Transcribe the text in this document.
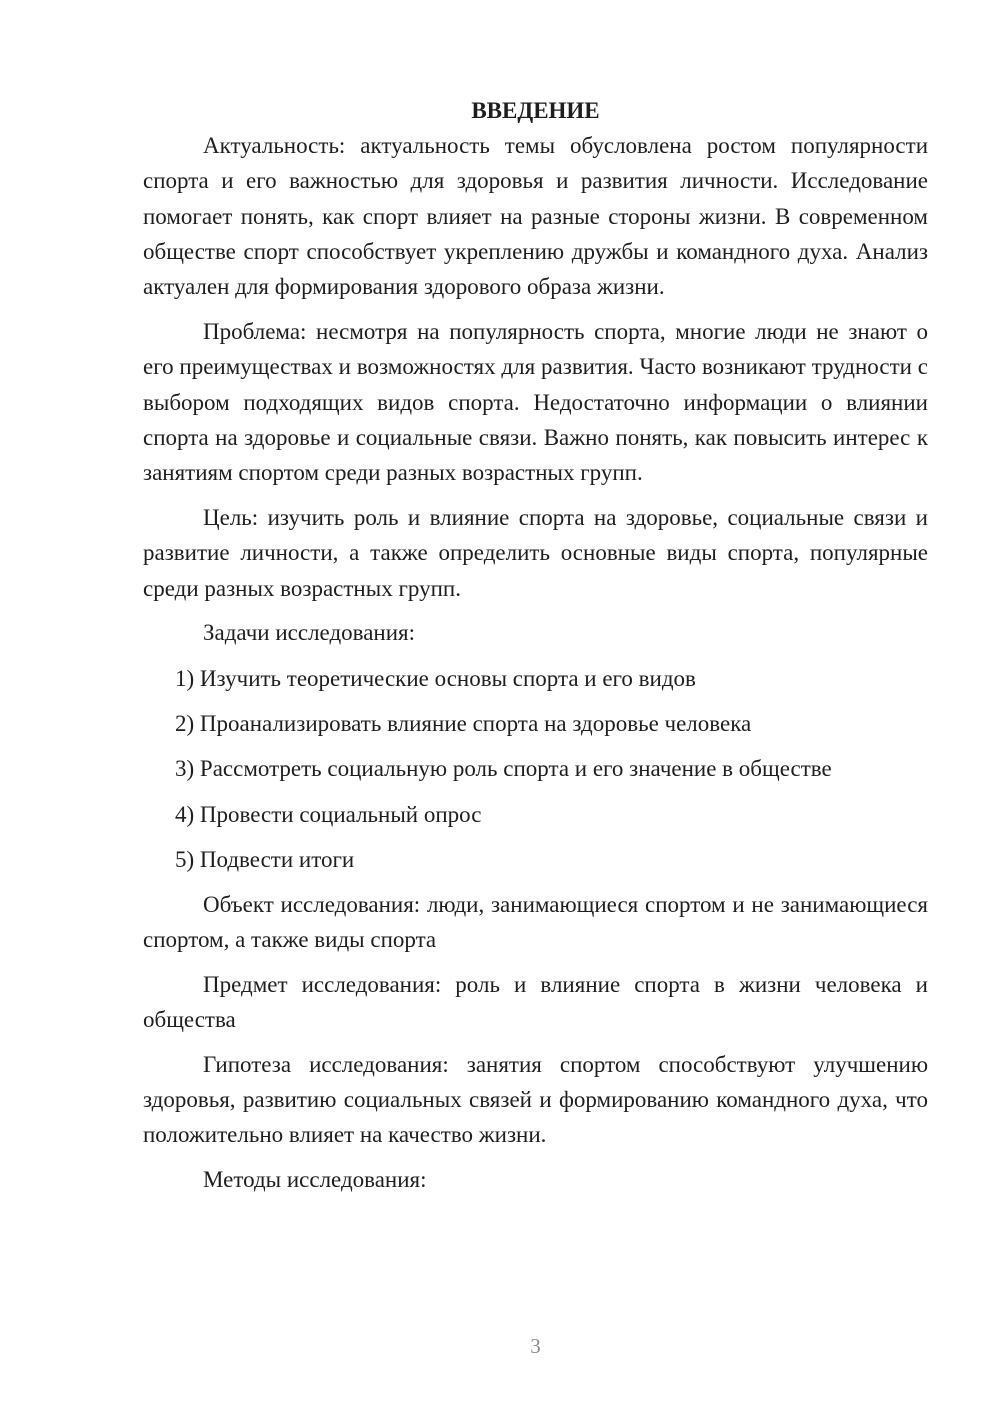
ВВЕДЕНИЕ

Актуальность: актуальность темы обусловлена ростом популярности спорта и его важностью для здоровья и развития личности. Исследование помогает понять, как спорт влияет на разные стороны жизни. В современном обществе спорт способствует укреплению дружбы и командного духа. Анализ актуален для формирования здорового образа жизни.

Проблема: несмотря на популярность спорта, многие люди не знают о его преимуществах и возможностях для развития. Часто возникают трудности с выбором подходящих видов спорта. Недостаточно информации о влиянии спорта на здоровье и социальные связи. Важно понять, как повысить интерес к занятиям спортом среди разных возрастных групп.

Цель: изучить роль и влияние спорта на здоровье, социальные связи и развитие личности, а также определить основные виды спорта, популярные среди разных возрастных групп.

Задачи исследования:

1) Изучить теоретические основы спорта и его видов
2) Проанализировать влияние спорта на здоровье человека
3) Рассмотреть социальную роль спорта и его значение в обществе
4) Провести социальный опрос
5) Подвести итоги

Объект исследования: люди, занимающиеся спортом и не занимающиеся спортом, а также виды спорта

Предмет исследования: роль и влияние спорта в жизни человека и общества

Гипотеза исследования: занятия спортом способствуют улучшению здоровья, развитию социальных связей и формированию командного духа, что положительно влияет на качество жизни.

Методы исследования:

3
